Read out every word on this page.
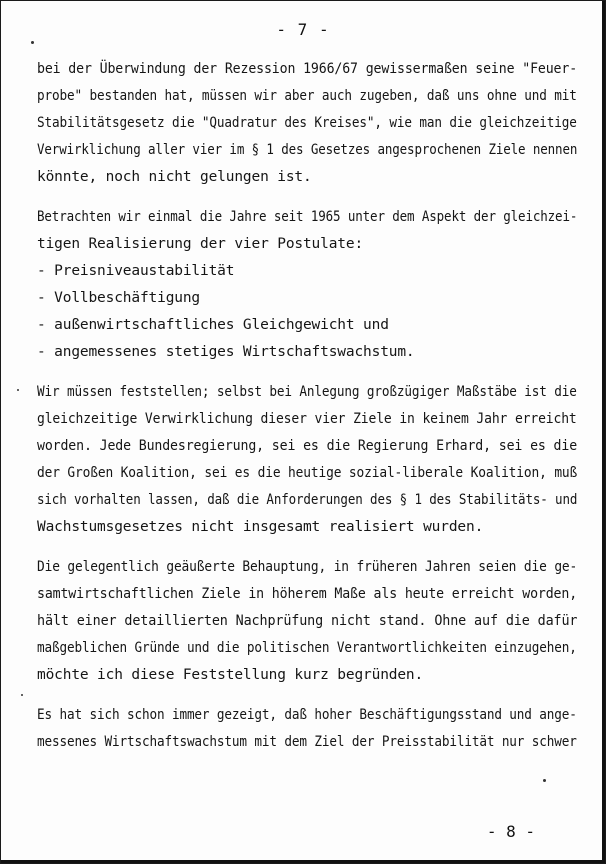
- 7 -

bei der Überwindung der Rezession 1966/67 gewissermaßen seine "Feuer-
probe" bestanden hat, müssen wir aber auch zugeben, daß uns ohne und mit
Stabilitätsgesetz die "Quadratur des Kreises", wie man die gleichzeitige
Verwirklichung aller vier im § 1 des Gesetzes angesprochenen Ziele nennen
könnte, noch nicht gelungen ist.

Betrachten wir einmal die Jahre seit 1965 unter dem Aspekt der gleichzei-
tigen Realisierung der vier Postulate:
- Preisniveaustabilität
- Vollbeschäftigung
- außenwirtschaftliches Gleichgewicht und
- angemessenes stetiges Wirtschaftswachstum.

Wir müssen feststellen; selbst bei Anlegung großzügiger Maßstäbe ist die
gleichzeitige Verwirklichung dieser vier Ziele in keinem Jahr erreicht
worden. Jede Bundesregierung, sei es die Regierung Erhard, sei es die
der Großen Koalition, sei es die heutige sozial-liberale Koalition, muß
sich vorhalten lassen, daß die Anforderungen des § 1 des Stabilitäts- und
Wachstumsgesetzes nicht insgesamt realisiert wurden.

Die gelegentlich geäußerte Behauptung, in früheren Jahren seien die ge-
samtwirtschaftlichen Ziele in höherem Maße als heute erreicht worden,
hält einer detaillierten Nachprüfung nicht stand. Ohne auf die dafür
maßgeblichen Gründe und die politischen Verantwortlichkeiten einzugehen,
möchte ich diese Feststellung kurz begründen.

Es hat sich schon immer gezeigt, daß hoher Beschäftigungsstand und ange-
messenes Wirtschaftswachstum mit dem Ziel der Preisstabilität nur schwer

- 8 -
